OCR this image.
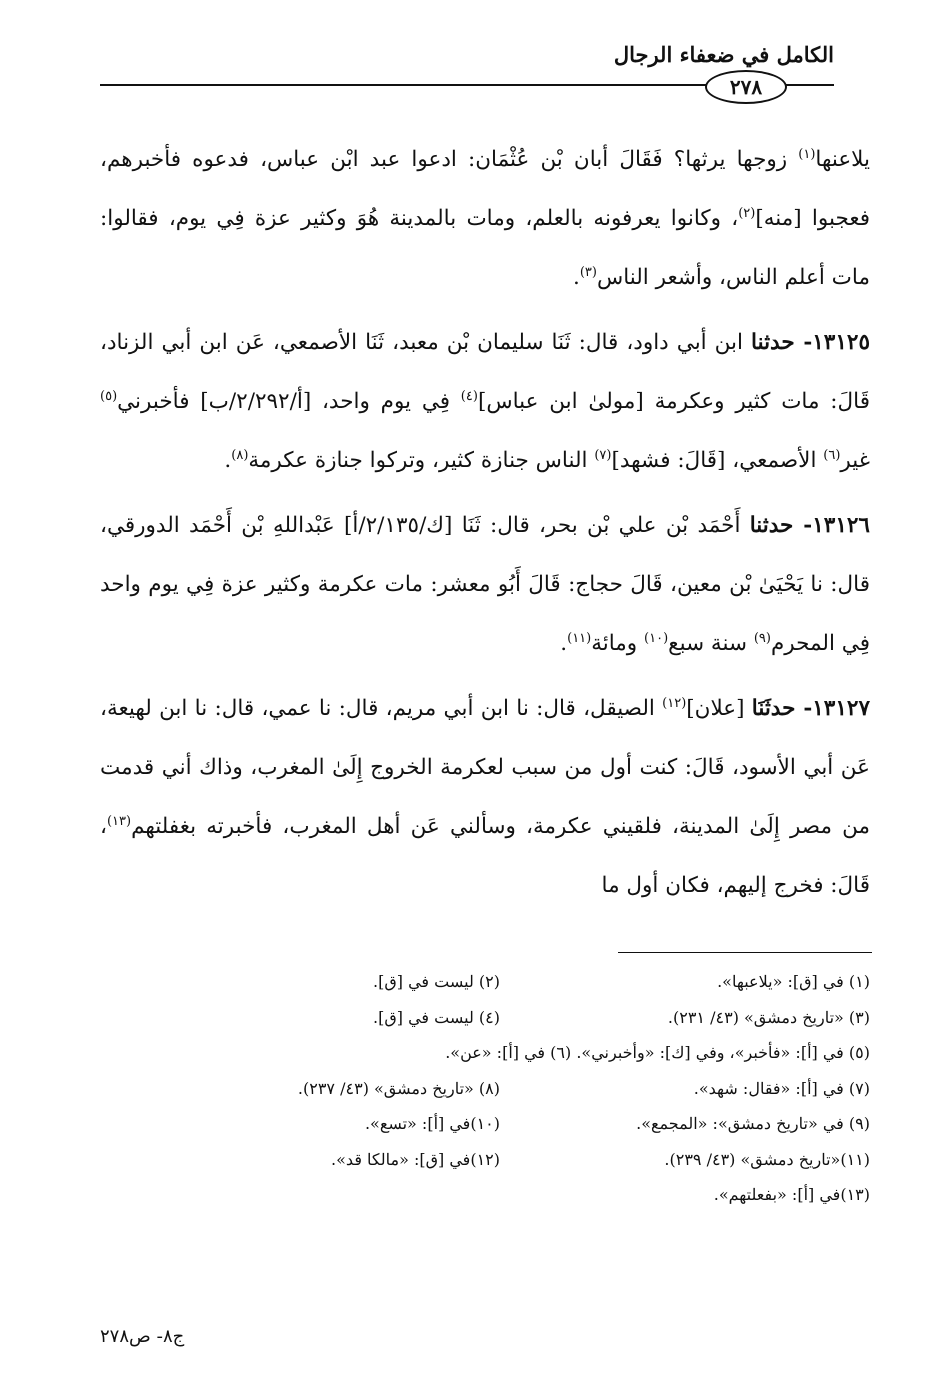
الكامل في ضعفاء الرجال
٢٧٨

يلاعنها$^{(١)}$ زوجها يرثها؟ فَقَالَ أبان بْن عُثْمَان: ادعوا عبد ابْن عباس، فدعوه فأخبرهم، فعجبوا [منه]$^{(٢)}$، وكانوا يعرفونه بالعلم، ومات بالمدينة هُوَ وكثير عزة فِي يوم، فقالوا: مات أعلم الناس، وأشعر الناس$^{(٣)}$.

١٣١٢٥- حدثنا ابن أبي داود، قال: ثَنَا سليمان بْن معبد، ثَنَا الأصمعي، عَن ابن أبي الزناد، قَالَ: مات كثير وعكرمة [مولىٰ ابن عباس]$^{(٤)}$ فِي يوم واحد، [أ/٢/٢٩٢/ب] فأخبرني$^{(٥)}$ غير$^{(٦)}$ الأصمعي، [قَالَ: فشهد]$^{(٧)}$ الناس جنازة كثير، وتركوا جنازة عكرمة$^{(٨)}$.

١٣١٢٦- حدثنا أَحْمَد بْن علي بْن بحر، قال: ثَنَا [ك/٢/١٣٥/أ] عَبْداللهِ بْن أَحْمَد الدورقي، قال: نا يَحْيَىٰ بْن معين، قَالَ حجاج: قَالَ أَبُو معشر: مات عكرمة وكثير عزة فِي يوم واحد فِي المحرم$^{(٩)}$ سنة سبع$^{(١٠)}$ ومائة$^{(١١)}$.

١٣١٢٧- حدثَنَا [علان]$^{(١٢)}$ الصيقل، قال: نا ابن أبي مريم، قال: نا عمي، قال: نا ابن لهيعة، عَن أبي الأسود، قَالَ: كنت أول من سبب لعكرمة الخروج إِلَىٰ المغرب، وذاك أني قدمت من مصر إِلَىٰ المدينة، فلقيني عكرمة، وسألني عَن أهل المغرب، فأخبرته بغفلتهم$^{(١٣)}$، قَالَ: فخرج إليهم، فكان أول ما

(١) في [ق]: «يلاعبها».
(٢) ليست في [ق].
(٣) «تاريخ دمشق» (٤٣/ ٢٣١).
(٤) ليست في [ق].
(٥) في [أ]: «فأخبر»، وفي [ك]: «وأخبرني». (٦) في [أ]: «عن».
(٧) في [أ]: «فقال: شهد».
(٨) «تاريخ دمشق» (٤٣/ ٢٣٧).
(٩) في «تاريخ دمشق»: «المجمع».
(١٠)في [أ]: «تسع».
(١١)«تاريخ دمشق» (٤٣/ ٢٣٩).
(١٢)في [ق]: «مالكا قد».
(١٣)في [أ]: «بفعلتهم».
ج٨- ص٢٧٨
